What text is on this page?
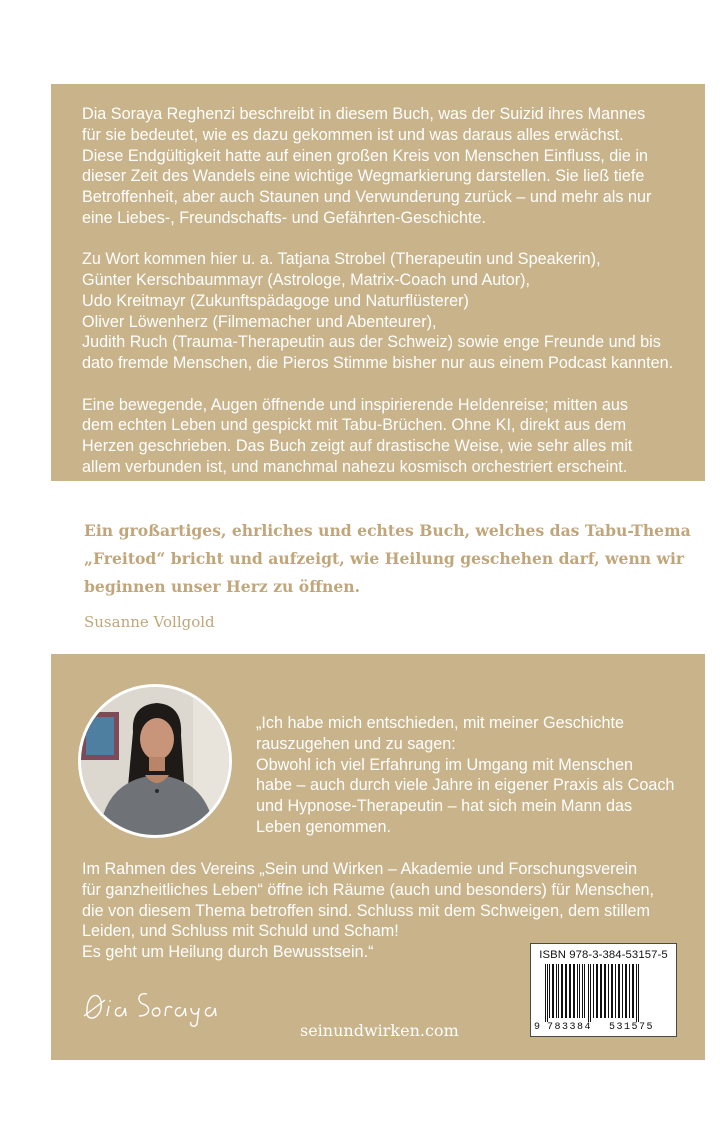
Dia Soraya Reghenzi beschreibt in diesem Buch, was der Suizid ihres Mannes
für sie bedeutet, wie es dazu gekommen ist und was daraus alles erwächst.
Diese Endgültigkeit hatte auf einen großen Kreis von Menschen Einfluss, die in
dieser Zeit des Wandels eine wichtige Wegmarkierung darstellen. Sie ließ tiefe
Betroffenheit, aber auch Staunen und Verwunderung zurück – und mehr als nur
eine Liebes-, Freundschafts- und Gefährten-Geschichte.

Zu Wort kommen hier u. a. Tatjana Strobel (Therapeutin und Speakerin),
Günter Kerschbaummayr (Astrologe, Matrix-Coach und Autor),
Udo Kreitmayr (Zukunftspädagoge und Naturflüsterer)
Oliver Löwenherz (Filmemacher und Abenteurer),
Judith Ruch (Trauma-Therapeutin aus der Schweiz) sowie enge Freunde und bis
dato fremde Menschen, die Pieros Stimme bisher nur aus einem Podcast kannten.

Eine bewegende, Augen öffnende und inspirierende Heldenreise; mitten aus
dem echten Leben und gespickt mit Tabu-Brüchen. Ohne KI, direkt aus dem
Herzen geschrieben. Das Buch zeigt auf drastische Weise, wie sehr alles mit
allem verbunden ist, und manchmal nahezu kosmisch orchestriert erscheint.

Ein großartiges, ehrliches und echtes Buch, welches das Tabu-Thema
„Freitod“ bricht und aufzeigt, wie Heilung geschehen darf, wenn wir
beginnen unser Herz zu öffnen.
Susanne Vollgold
„Ich habe mich entschieden, mit meiner Geschichte
rauszugehen und zu sagen:
Obwohl ich viel Erfahrung im Umgang mit Menschen
habe – auch durch viele Jahre in eigener Praxis als Coach
und Hypnose-Therapeutin – hat sich mein Mann das
Leben genommen.
Im Rahmen des Vereins „Sein und Wirken – Akademie und Forschungsverein
für ganzheitliches Leben“ öffne ich Räume (auch und besonders) für Menschen,
die von diesem Thema betroffen sind. Schluss mit dem Schweigen, dem stillem
Leiden, und Schluss mit Schuld und Scham!
Es geht um Heilung durch Bewusstsein.“
seinundwirken.com
ISBN 978-3-384-53157-5
9 783384 531575
